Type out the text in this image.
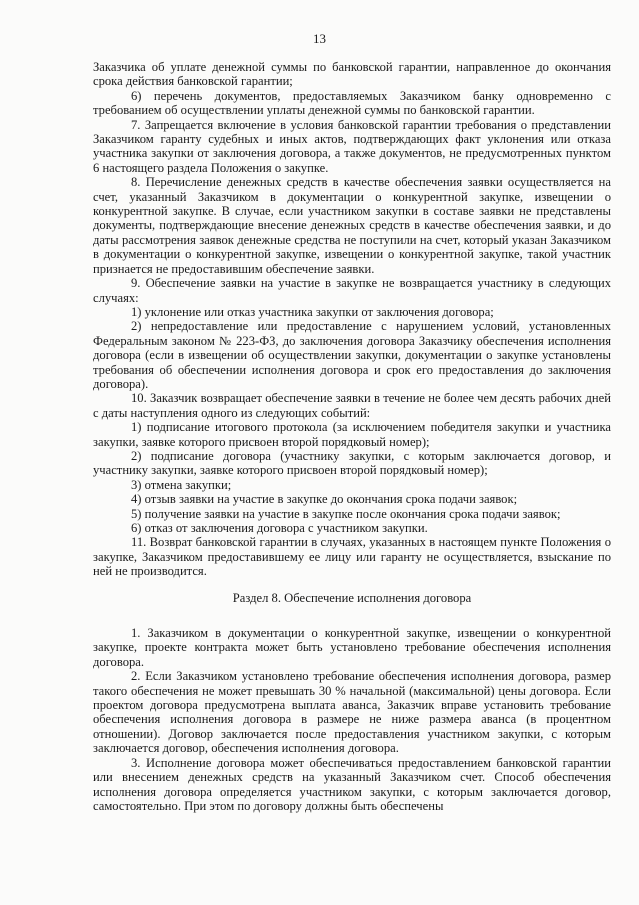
13

Заказчика об уплате денежной суммы по банковской гарантии, направленное до окончания срока действия банковской гарантии;

6) перечень документов, предоставляемых Заказчиком банку одновременно с требованием об осуществлении уплаты денежной суммы по банковской гарантии.

7. Запрещается включение в условия банковской гарантии требования о представлении Заказчиком гаранту судебных и иных актов, подтверждающих факт уклонения или отказа участника закупки от заключения договора, а также документов, не предусмотренных пунктом 6 настоящего раздела Положения о закупке.

8. Перечисление денежных средств в качестве обеспечения заявки осуществляется на счет, указанный Заказчиком в документации о конкурентной закупке, извещении о конкурентной закупке. В случае, если участником закупки в составе заявки не представлены документы, подтверждающие внесение денежных средств в качестве обеспечения заявки, и до даты рассмотрения заявок денежные средства не поступили на счет, который указан Заказчиком в документации о конкурентной закупке, извещении о конкурентной закупке, такой участник признается не предоставившим обеспечение заявки.

9. Обеспечение заявки на участие в закупке не возвращается участнику в следующих случаях:

1) уклонение или отказ участника закупки от заключения договора;

2) непредоставление или предоставление с нарушением условий, установленных Федеральным законом № 223-ФЗ, до заключения договора Заказчику обеспечения исполнения договора (если в извещении об осуществлении закупки, документации о закупке установлены требования об обеспечении исполнения договора и срок его предоставления до заключения договора).

10. Заказчик возвращает обеспечение заявки в течение не более чем десять рабочих дней с даты наступления одного из следующих событий:

1) подписание итогового протокола (за исключением победителя закупки и участника закупки, заявке которого присвоен второй порядковый номер);

2) подписание договора (участнику закупки, с которым заключается договор, и участнику закупки, заявке которого присвоен второй порядковый номер);

3) отмена закупки;

4) отзыв заявки на участие в закупке до окончания срока подачи заявок;

5) получение заявки на участие в закупке после окончания срока подачи заявок;

6) отказ от заключения договора с участником закупки.

11. Возврат банковской гарантии в случаях, указанных в настоящем пункте Положения о закупке, Заказчиком предоставившему ее лицу или гаранту не осуществляется, взыскание по ней не производится.

Раздел 8. Обеспечение исполнения договора

1. Заказчиком в документации о конкурентной закупке, извещении о конкурентной закупке, проекте контракта может быть установлено требование обеспечения исполнения договора.

2. Если Заказчиком установлено требование обеспечения исполнения договора, размер такого обеспечения не может превышать 30 % начальной (максимальной) цены договора. Если проектом договора предусмотрена выплата аванса, Заказчик вправе установить требование обеспечения исполнения договора в размере не ниже размера аванса (в процентном отношении). Договор заключается после предоставления участником закупки, с которым заключается договор, обеспечения исполнения договора.

3. Исполнение договора может обеспечиваться предоставлением банковской гарантии или внесением денежных средств на указанный Заказчиком счет. Способ обеспечения исполнения договора определяется участником закупки, с которым заключается договор, самостоятельно. При этом по договору должны быть обеспечены
